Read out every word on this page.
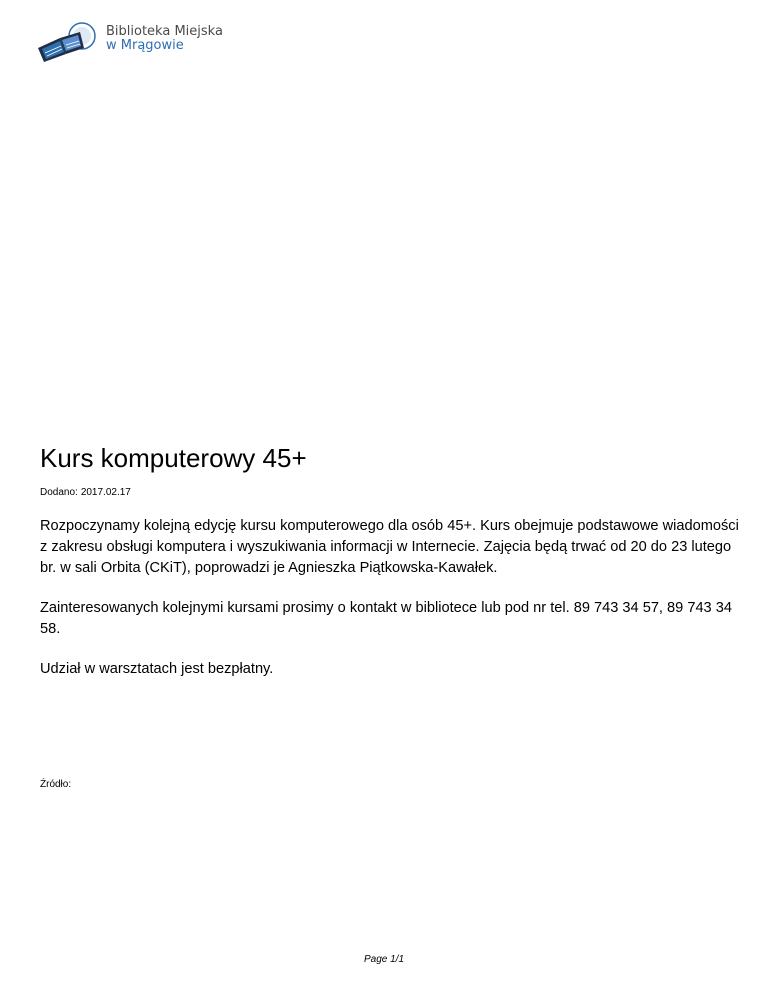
Biblioteka Miejska
w Mrągowie
Kurs komputerowy 45+
Dodano: 2017.02.17

Rozpoczynamy kolejną edycję kursu komputerowego dla osób 45+. Kurs obejmuje podstawowe wiadomości z zakresu obsługi komputera i wyszukiwania informacji w Internecie. Zajęcia będą trwać od 20 do 23 lutego br. w sali Orbita (CKiT), poprowadzi je Agnieszka Piątkowska-Kawałek.

Zainteresowanych kolejnymi kursami prosimy o kontakt w bibliotece lub pod nr tel. 89 743 34 57, 89 743 34 58.

Udział w warsztatach jest bezpłatny.

Źródło:
Page 1/1
